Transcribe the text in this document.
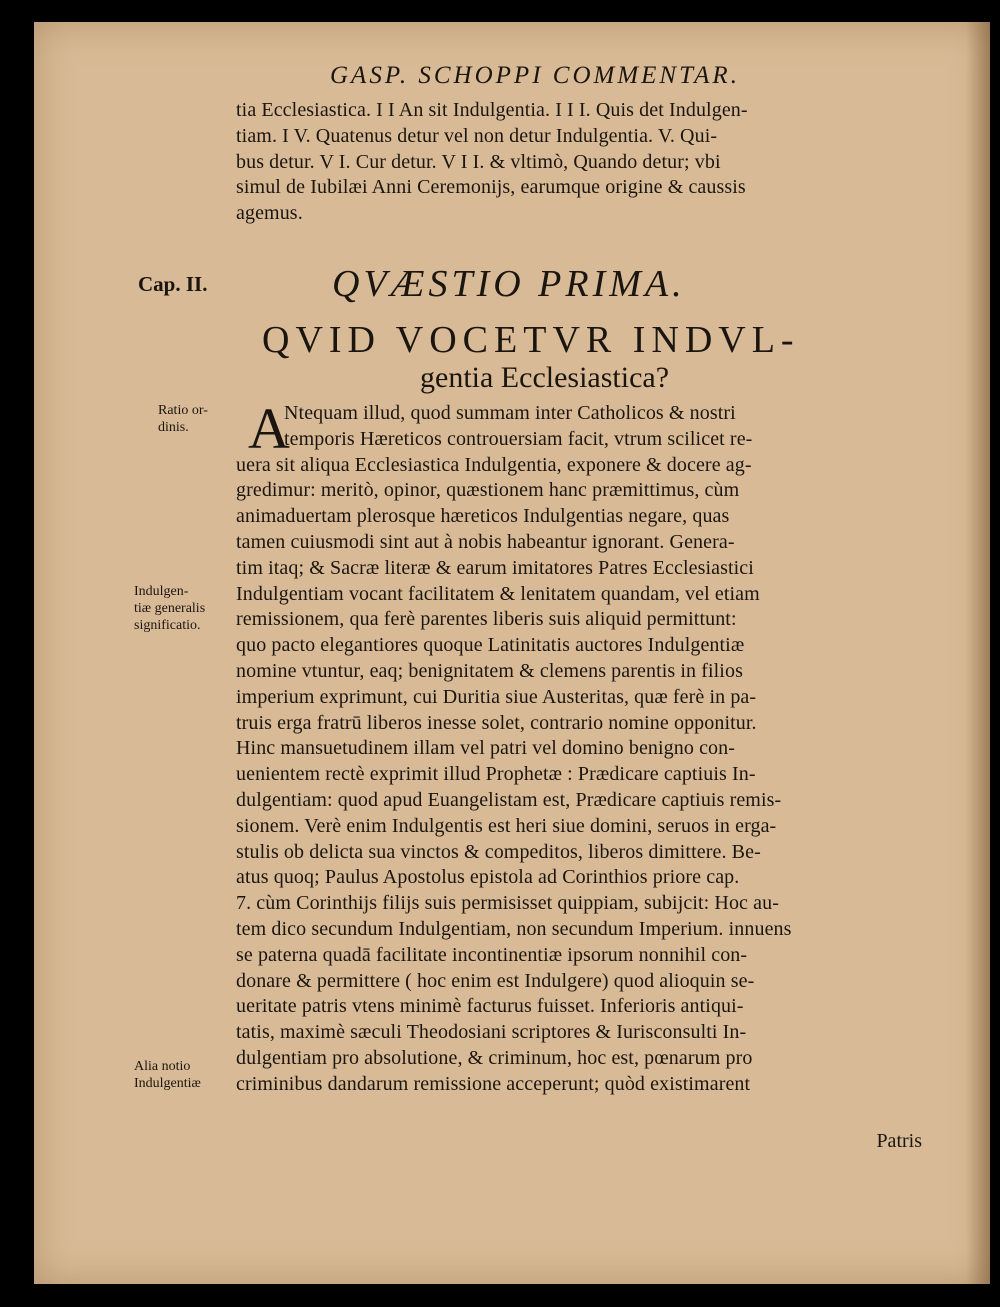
GASP. SCHOPPI COMMENTAR.
tia Ecclesiastica. I I An sit Indulgentia. I I I. Quis det Indulgen-
tiam. I V. Quatenus detur vel non detur Indulgentia. V. Qui-
bus detur. V I. Cur detur. V I I. & vltimò, Quando detur; vbi
simul de Iubilæi Anni Ceremonijs, earumque origine & caussis
agemus.
Cap. II.	QVÆSTIO PRIMA.
QVID VOCETVR INDVL-
gentia Ecclesiastica?
Ratio or-
dinis.
Indulgen-
tiæ generalis
significatio.
Alia notio
Indulgentiæ
A
Ntequam illud, quod summam inter Catholicos & nostri
temporis Hæreticos controuersiam facit, vtrum scilicet re-
uera sit aliqua Ecclesiastica Indulgentia, exponere & docere ag-
gredimur: meritò, opinor, quæstionem hanc præmittimus, cùm
animaduertam plerosque hæreticos Indulgentias negare, quas
tamen cuiusmodi sint aut à nobis habeantur ignorant. Genera-
tim itaq; & Sacræ literæ & earum imitatores Patres Ecclesiastici
Indulgentiam vocant facilitatem & lenitatem quandam, vel etiam
remissionem, qua ferè parentes liberis suis aliquid permittunt:
quo pacto elegantiores quoque Latinitatis auctores Indulgentiæ
nomine vtuntur, eaq; benignitatem & clemens parentis in filios
imperium exprimunt, cui Duritia siue Austeritas, quæ ferè in pa-
truis erga fratrū liberos inesse solet, contrario nomine opponitur.
Hinc mansuetudinem illam vel patri vel domino benigno con-
uenientem rectè exprimit illud Prophetæ : Prædicare captiuis In-
dulgentiam: quod apud Euangelistam est, Prædicare captiuis remis-
sionem. Verè enim Indulgentis est heri siue domini, seruos in erga-
stulis ob delicta sua vinctos & compeditos, liberos dimittere. Be-
atus quoq; Paulus Apostolus epistola ad Corinthios priore cap.
7. cùm Corinthijs filijs suis permisisset quippiam, subijcit: Hoc au-
tem dico secundum Indulgentiam, non secundum Imperium. innuens
se paterna quadā facilitate incontinentiæ ipsorum nonnihil con-
donare & permittere ( hoc enim est Indulgere) quod alioquin se-
ueritate patris vtens minimè facturus fuisset. Inferioris antiqui-
tatis, maximè sæculi Theodosiani scriptores & Iurisconsulti In-
dulgentiam pro absolutione, & criminum, hoc est, pœnarum pro
criminibus dandarum remissione acceperunt; quòd existimarent
Patris
